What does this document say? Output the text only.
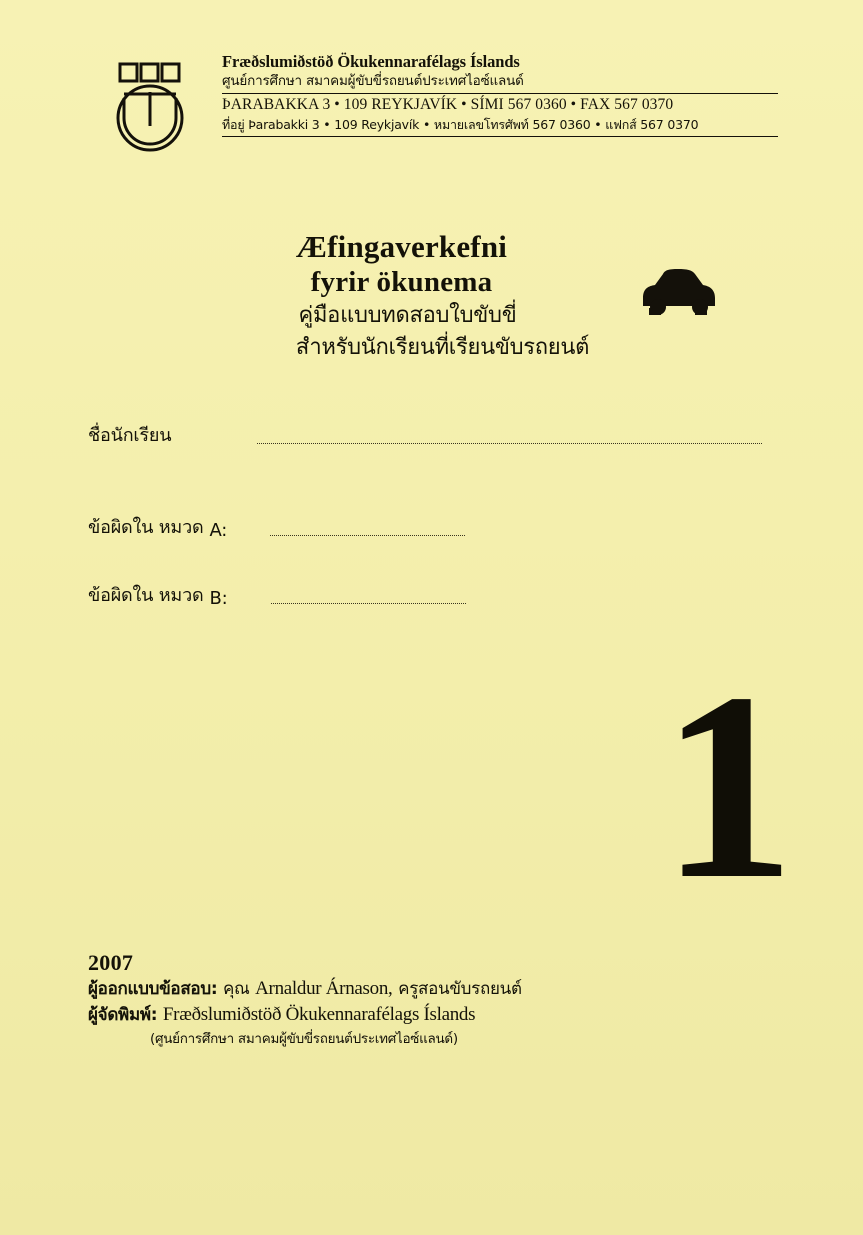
Fræðslumiðstöð Ökukennarafélags Íslands
ศูนย์การศึกษา สมาคมผู้ขับขี่รถยนต์ประเทศไอซ์แลนด์
ÞARABAKKA 3 • 109 REYKJAVÍK • SÍMI 567 0360 • FAX 567 0370
ที่อยู่ Þarabakki 3 • 109 Reykjavík • หมายเลขโทรศัพท์ 567 0360 • แฟกส์ 567 0370
Æfingaverkefni
fyrir ökunema
คู่มือแบบทดสอบใบขับขี่
สำหรับนักเรียนที่เรียนขับรถยนต์
ชื่อนักเรียน
ข้อผิดใน หมวด A:
ข้อผิดใน หมวด B:
1
2007
ผู้ออกแบบข้อสอบ: คุณ Arnaldur Árnason, ครูสอนขับรถยนต์
ผู้จัดพิมพ์: Fræðslumiðstöð Ökukennarafélags Íslands
(ศูนย์การศึกษา สมาคมผู้ขับขี่รถยนต์ประเทศไอซ์แลนด์)
